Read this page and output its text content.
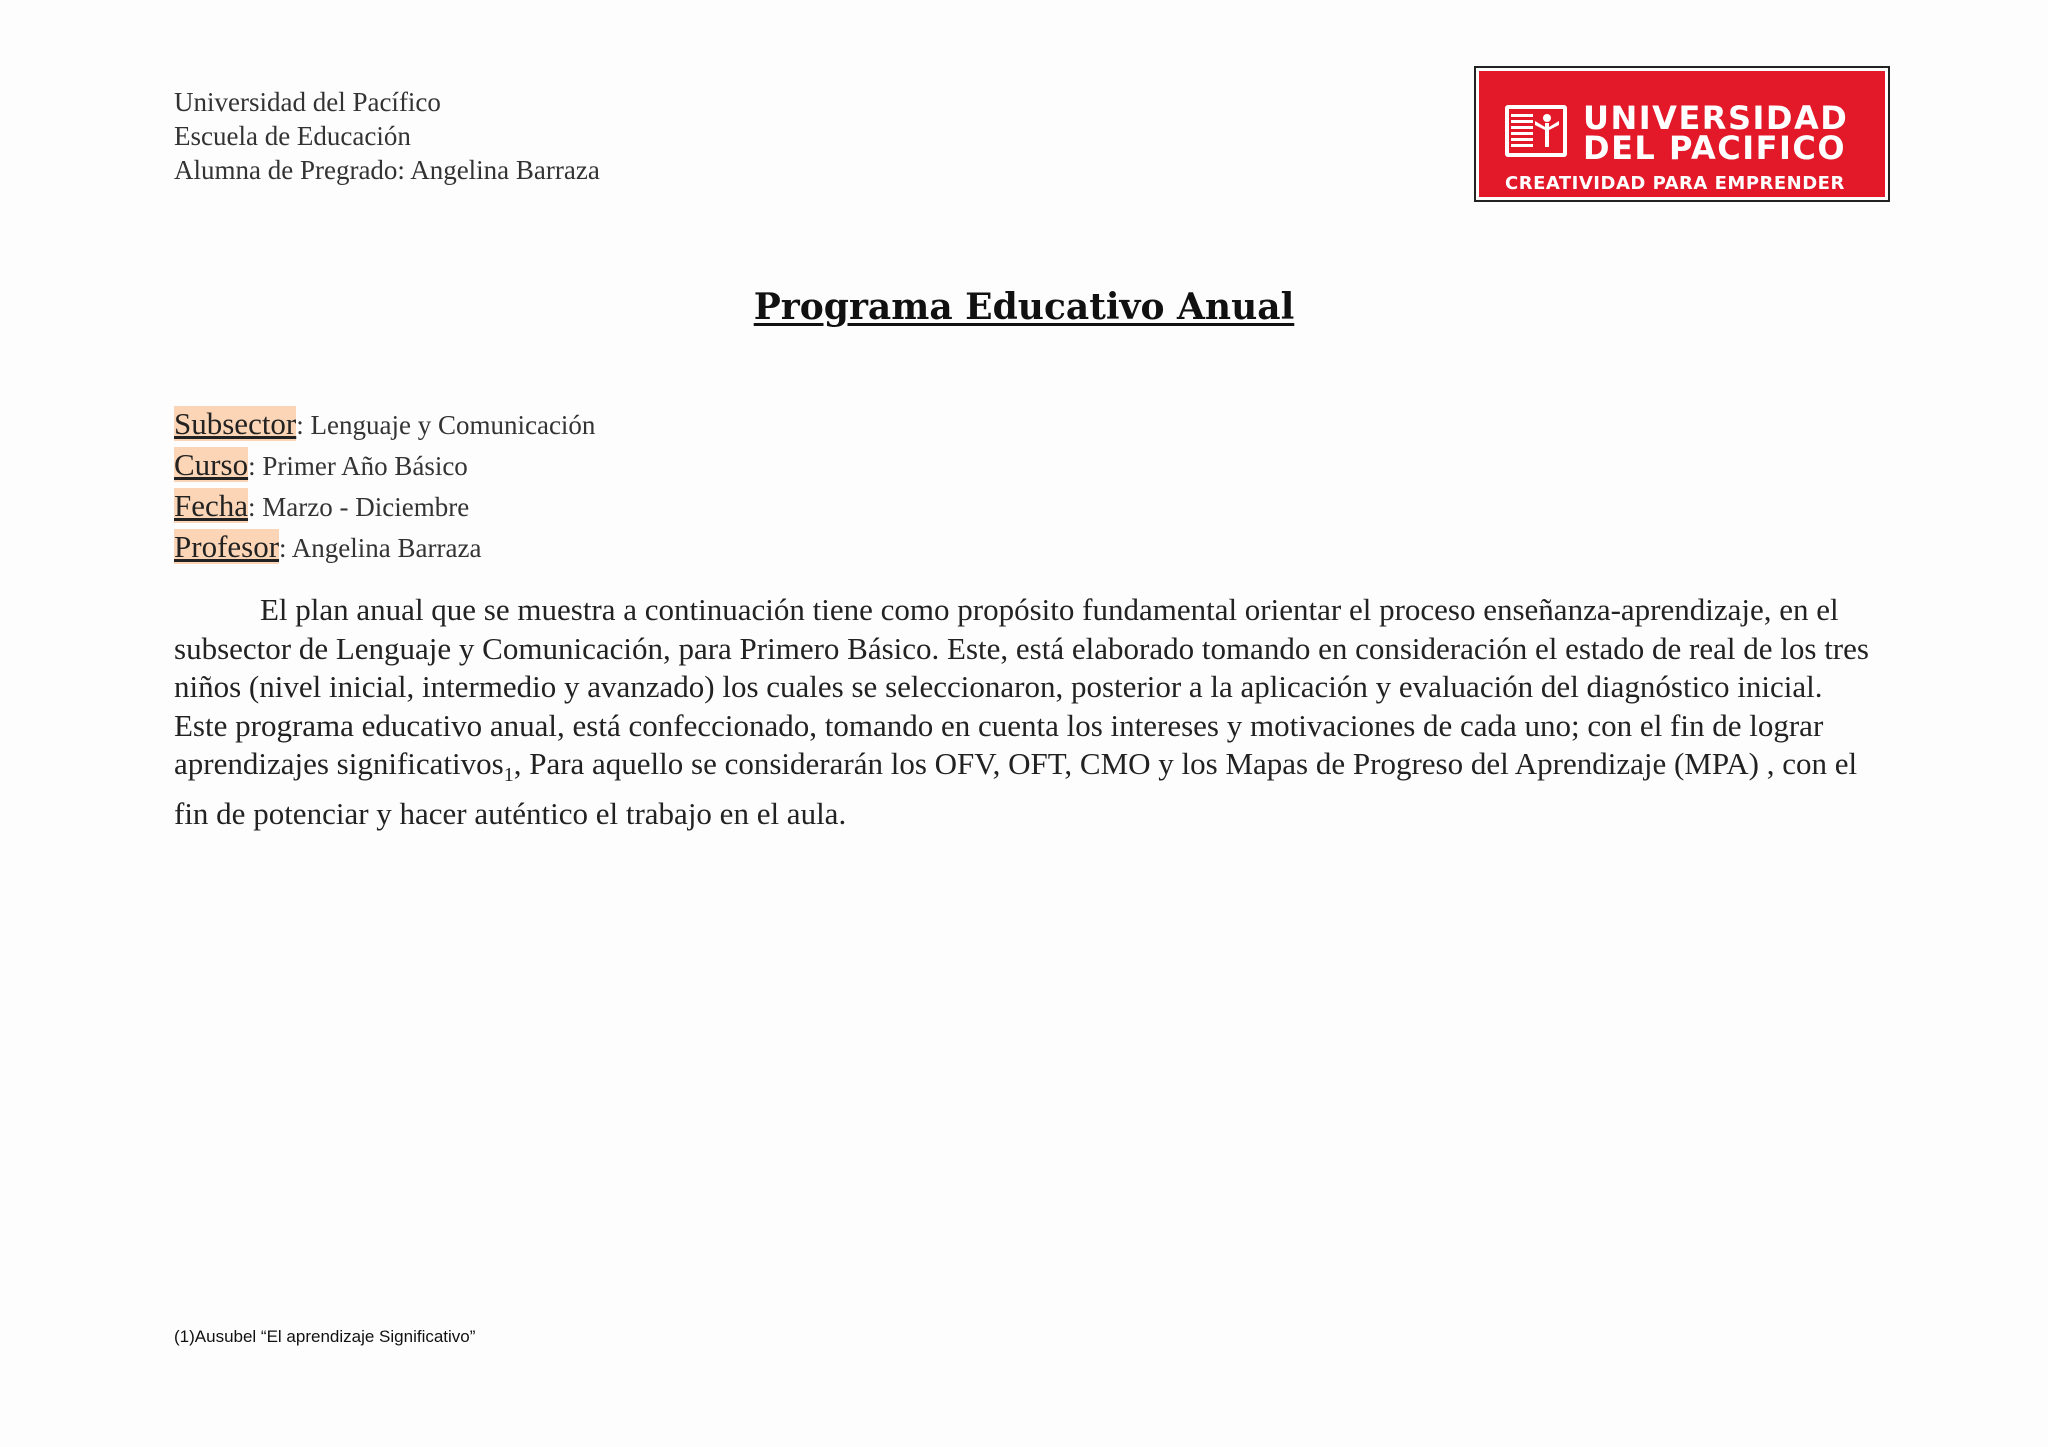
Universidad del Pacífico
Escuela de Educación
Alumna de Pregrado: Angelina Barraza
UNIVERSIDAD
DEL PACIFICO
CREATIVIDAD PARA EMPRENDER
Programa Educativo Anual
Subsector: Lenguaje y Comunicación
Curso: Primer Año Básico
Fecha: Marzo - Diciembre
Profesor: Angelina Barraza

El plan anual que se muestra a continuación tiene como propósito fundamental orientar el proceso enseñanza-aprendizaje, en el subsector de Lenguaje y Comunicación, para Primero Básico. Este, está elaborado tomando en consideración el estado de real de los tres niños (nivel inicial, intermedio y avanzado) los cuales se seleccionaron, posterior a la aplicación y evaluación del diagnóstico inicial. Este programa educativo anual, está confeccionado, tomando en cuenta los intereses y motivaciones de cada uno; con el fin de lograr aprendizajes significativos$_1$, Para aquello se considerarán los OFV, OFT, CMO y los Mapas de Progreso del Aprendizaje (MPA) , con el fin de potenciar y hacer auténtico el trabajo en el aula.

(1)Ausubel “El aprendizaje Significativo”
